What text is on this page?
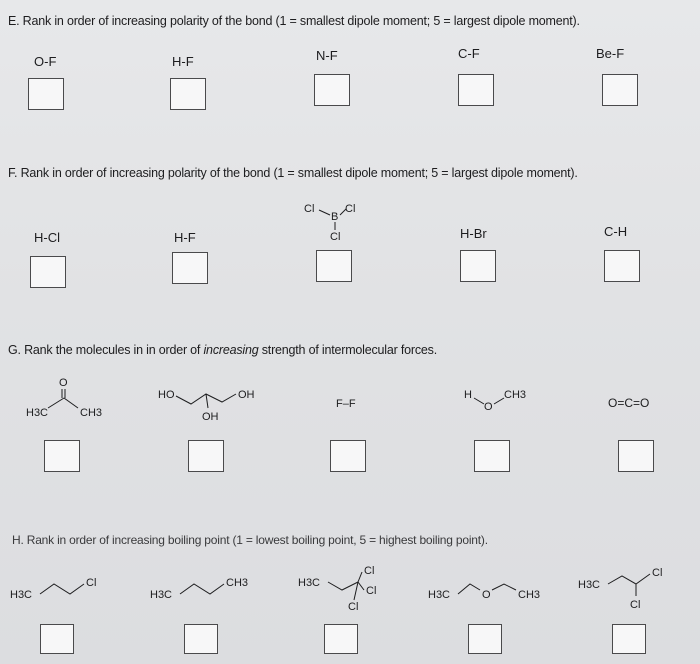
E. Rank in order of increasing polarity of the bond (1 = smallest dipole moment; 5 = largest dipole moment).
O-F	H-F	N-F	C-F	Be-F
F. Rank in order of increasing polarity of the bond (1 = smallest dipole moment; 5 = largest dipole moment).
H-Cl	H-F
Cl	Cl
B
Cl	H-Br	C-H
G. Rank the molecules in in order of increasing strength of intermolecular forces.
O
H3C	CH3
HO	OH
OH
F–F
H
O
CH3
O=C=O
H. Rank in order of increasing boiling point (1 = lowest boiling point, 5 = highest boiling point).
H3C
Cl
H3C
CH3	H3C
Cl
Cl
Cl
H3C	O CH3
H3C
Cl
Cl
